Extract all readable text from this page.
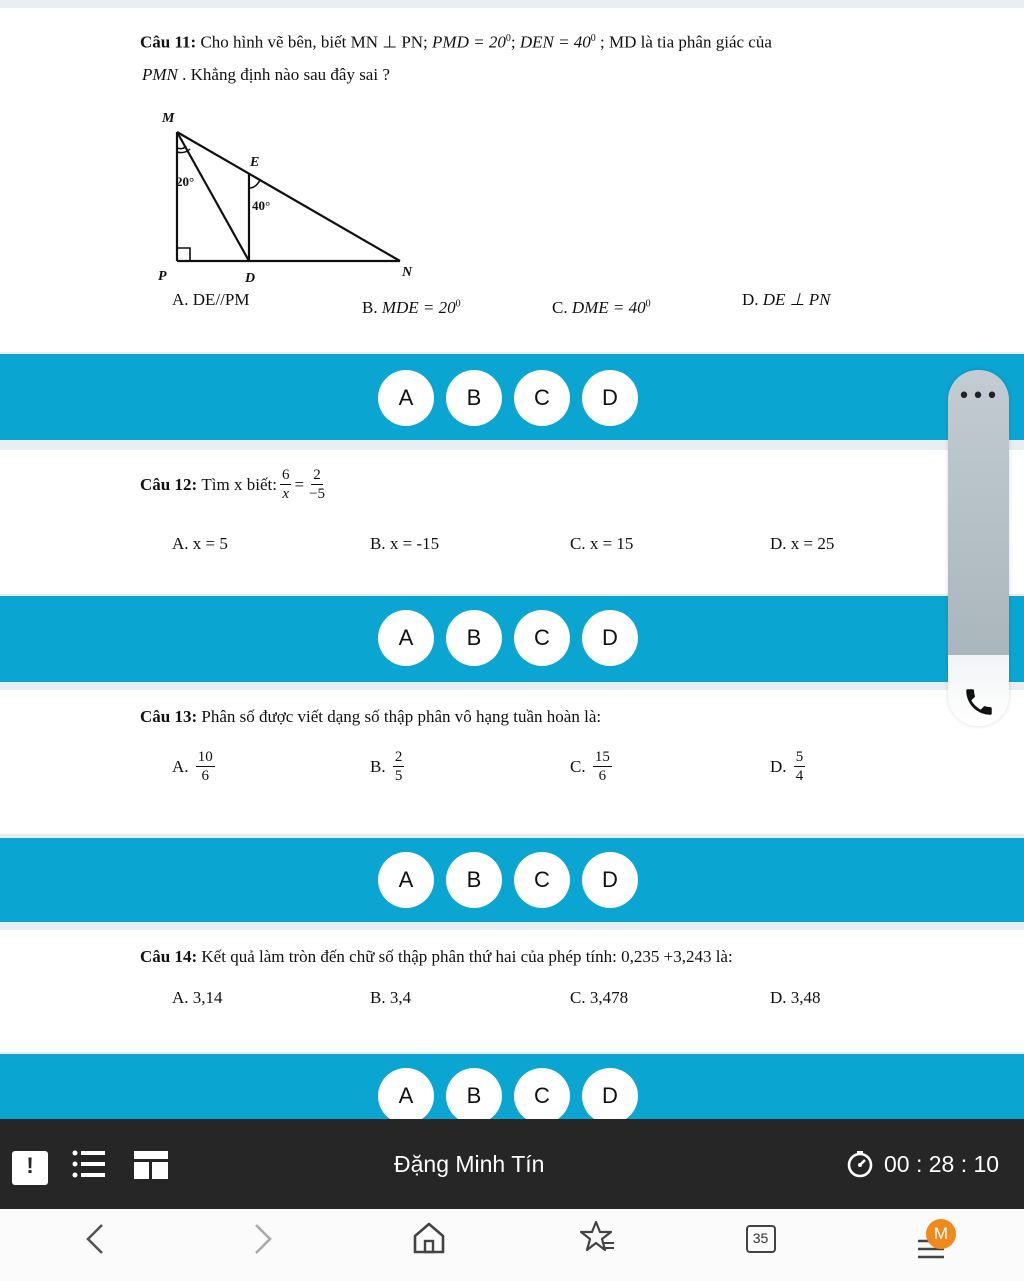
Câu 11: Cho hình vẽ bên, biết MN ⊥ PN; PMD = $20^0$; DEN = $40^0$ ; MD là tia phân giác của
PMN . Khẳng định nào sau đây sai ?
M
E
P	D	N
20°
40°
A. DE//PM	B. MDE = $20^0$	C. DME = $40^0$	D. DE ⊥ PN
A	B	C	D
Câu 12:
Tìm x biết: $\frac{6}{x} = \frac{2}{-5}$
A. x = 5	B. x = -15	C. x = 15	D. x = 25
A	B	C	D
Câu 13: Phân số được viết dạng số thập phân vô hạng tuần hoàn là:
A.
$\frac{10}{6}$	B.
$\frac{2}{5}$	C.
$\frac{15}{6}$	D.
$\frac{5}{4}$
A	B	C	D
Câu 14: Kết quả làm tròn đến chữ số thập phân thứ hai của phép tính: 0,235 +3,243 là:
A. 3,14	B. 3,4	C. 3,478	D. 3,48
A	B	C	D
•••
!	Đặng Minh Tín	00 : 28 : 10
35	M
